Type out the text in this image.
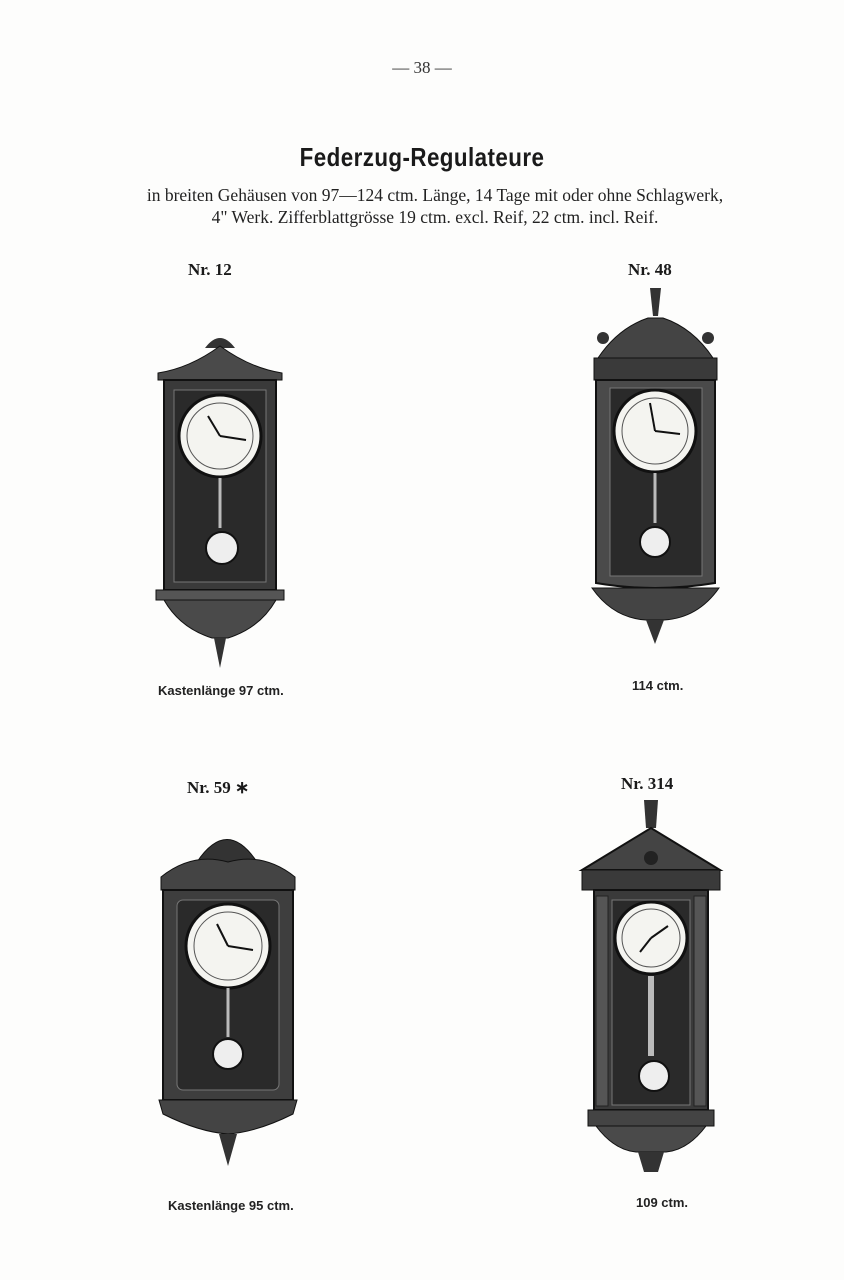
— 38 —
Federzug-Regulateure
in breiten Gehäusen von 97—124 ctm. Länge, 14 Tage mit oder ohne Schlagwerk,
4" Werk. Zifferblattgrösse 19 ctm. excl. Reif, 22 ctm. incl. Reif.
Nr. 12
Kastenlänge 97 ctm.
Nr. 48
114 ctm.
Nr. 59 ∗
Kastenlänge 95 ctm.
Nr. 314
109 ctm.
